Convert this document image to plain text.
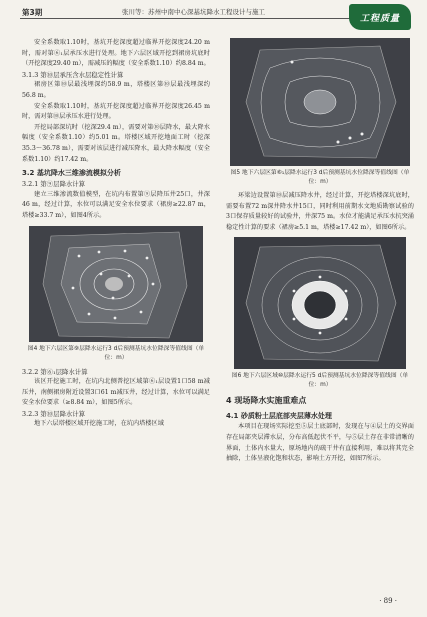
第3期	张川等：苏州中南中心深基坑降水工程设计与施工
工程质量

安全系数取1.10时，基坑开挖深度超过临界开挖深度24.20 m时，需对第⑥₁层承压水进行处理。地下六层区域开挖到裙房坑底时（开挖深度29.40 m），需减压的幅度（安全系数1.10）约8.84 m。

3.1.3 第⑩层承压含水层稳定性计算

裙房区第⑩层最浅埋深约58.9 m，塔楼区第⑩层最浅埋深约56.8 m。

安全系数取1.10时，基坑开挖深度超过临界开挖深度26.45 m时，需对第⑩层承压水进行处理。

开挖局部深坑时（挖深29.4 m），需要对第⑩层降水，最大降水幅度（安全系数1.10）约5.01 m。塔楼区域开挖地面工时（挖深35.3～36.78 m），需要对该层进行减压降水，最大降水幅度（安全系数1.10）约17.42 m。

3.2 基坑降水三维渗流模拟分析
3.2.1 第⑨层降水计算

建立三维渗流数值模型，在坑内布置第⑨层降压井25口，井深46 m，经过计算，水位可以满足安全水位要求（裙房≥22.87 m，塔楼≥33.7 m），如图4所示。

图4 地下六层区第⑨层降水运行3 d后预测基坑水位降深等值线图（单位：m）
3.2.2 第⑥₁层降水计算

该区开挖施工时，在坑内北侧普挖区域第⑥₁层设置1口58 m减压井，南侧裙房附近设置3口61 m减压井，经过计算，水位可以满足安全水位要求（≥8.84 m），如图5所示。

3.2.3 第⑩层降水计算

地下六层塔楼区域开挖施工时，在坑内塔楼区域

图5 地下六层区第⑥₁层降水运行3 d后预测基坑水位降深等值线图（单位：m）

环梁边设置第⑩层减压降水井，经过计算，开挖塔楼深坑底时，需要布置72 m深井降水井15口，同时利用前期水文地质勘察试验的3口保存质量较好的试验井，井深75 m。水位才能满足承压水抗突涌稳定性计算的要求（裙房≥5.1 m，塔楼≥17.42 m），如图6所示。

图6 地下六层区域⑩层降水运行5 d后预测基坑水位降深等值线图（单位：m）
4 现场降水实施重难点
4.1 砂质粉土层底部夹层薄水处理

本项目在现场实际挖至⑤层土底部时，发现在与④层土的交界面存在局部夹层滞水层，分布高低起伏不平，与⑤层土存在非常清晰的界面，土体内水量大，原场地内的疏干井有直接利用，难以将其完全抽除，土体呈液化饱和状态，影响土方开挖，如图7所示。

· 89 ·
